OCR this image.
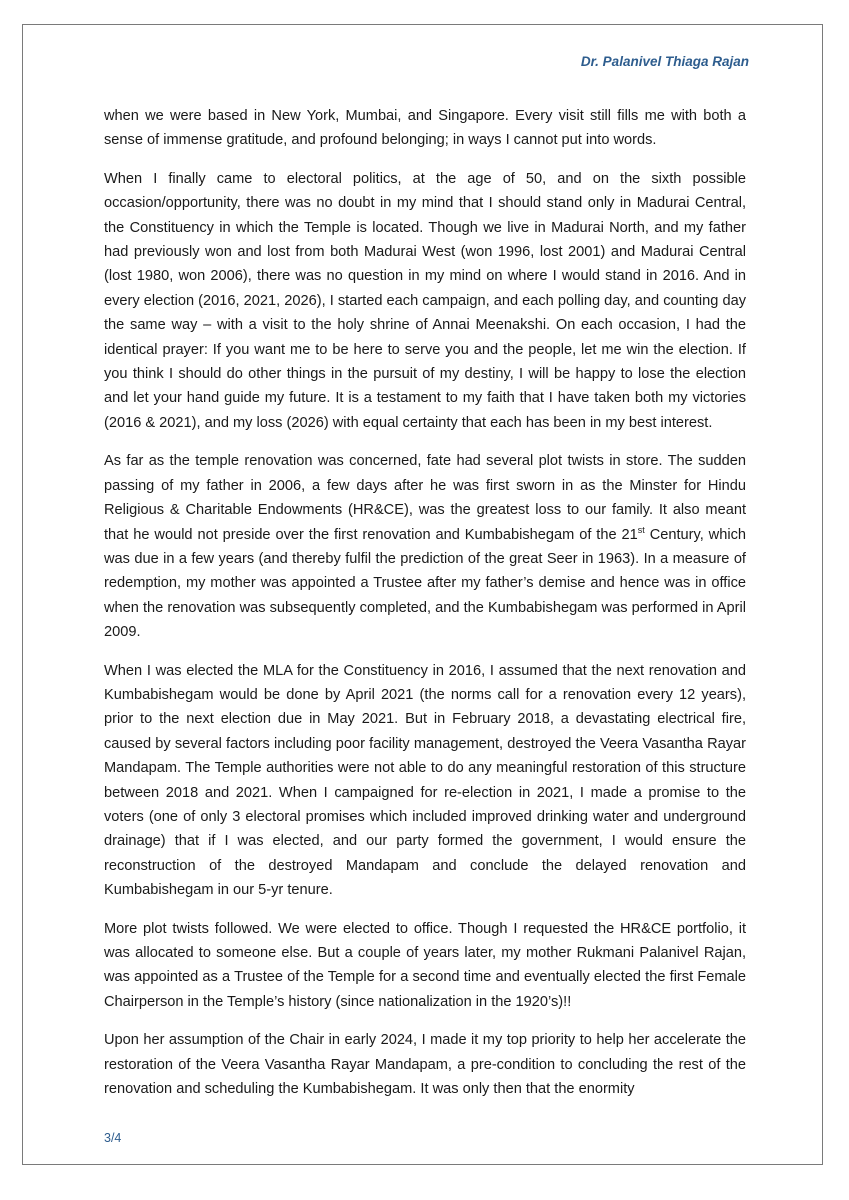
Dr. Palanivel Thiaga Rajan

when we were based in New York, Mumbai, and Singapore. Every visit still fills me with both a sense of immense gratitude, and profound belonging; in ways I cannot put into words.

When I finally came to electoral politics, at the age of 50, and on the sixth possible occasion/opportunity, there was no doubt in my mind that I should stand only in Madurai Central, the Constituency in which the Temple is located. Though we live in Madurai North, and my father had previously won and lost from both Madurai West (won 1996, lost 2001) and Madurai Central (lost 1980, won 2006), there was no question in my mind on where I would stand in 2016. And in every election (2016, 2021, 2026), I started each campaign, and each polling day, and counting day the same way – with a visit to the holy shrine of Annai Meenakshi. On each occasion, I had the identical prayer: If you want me to be here to serve you and the people, let me win the election. If you think I should do other things in the pursuit of my destiny, I will be happy to lose the election and let your hand guide my future. It is a testament to my faith that I have taken both my victories (2016 & 2021), and my loss (2026) with equal certainty that each has been in my best interest.

As far as the temple renovation was concerned, fate had several plot twists in store. The sudden passing of my father in 2006, a few days after he was first sworn in as the Minster for Hindu Religious & Charitable Endowments (HR&CE), was the greatest loss to our family. It also meant that he would not preside over the first renovation and Kumbabishegam of the 21st Century, which was due in a few years (and thereby fulfil the prediction of the great Seer in 1963). In a measure of redemption, my mother was appointed a Trustee after my father’s demise and hence was in office when the renovation was subsequently completed, and the Kumbabishegam was performed in April 2009.

When I was elected the MLA for the Constituency in 2016, I assumed that the next renovation and Kumbabishegam would be done by April 2021 (the norms call for a renovation every 12 years), prior to the next election due in May 2021. But in February 2018, a devastating electrical fire, caused by several factors including poor facility management, destroyed the Veera Vasantha Rayar Mandapam. The Temple authorities were not able to do any meaningful restoration of this structure between 2018 and 2021. When I campaigned for re-election in 2021, I made a promise to the voters (one of only 3 electoral promises which included improved drinking water and underground drainage) that if I was elected, and our party formed the government, I would ensure the reconstruction of the destroyed Mandapam and conclude the delayed renovation and Kumbabishegam in our 5-yr tenure.

More plot twists followed. We were elected to office. Though I requested the HR&CE portfolio, it was allocated to someone else. But a couple of years later, my mother Rukmani Palanivel Rajan, was appointed as a Trustee of the Temple for a second time and eventually elected the first Female Chairperson in the Temple’s history (since nationalization in the 1920’s)!!

Upon her assumption of the Chair in early 2024, I made it my top priority to help her accelerate the restoration of the Veera Vasantha Rayar Mandapam, a pre-condition to concluding the rest of the renovation and scheduling the Kumbabishegam. It was only then that the enormity

3/4
